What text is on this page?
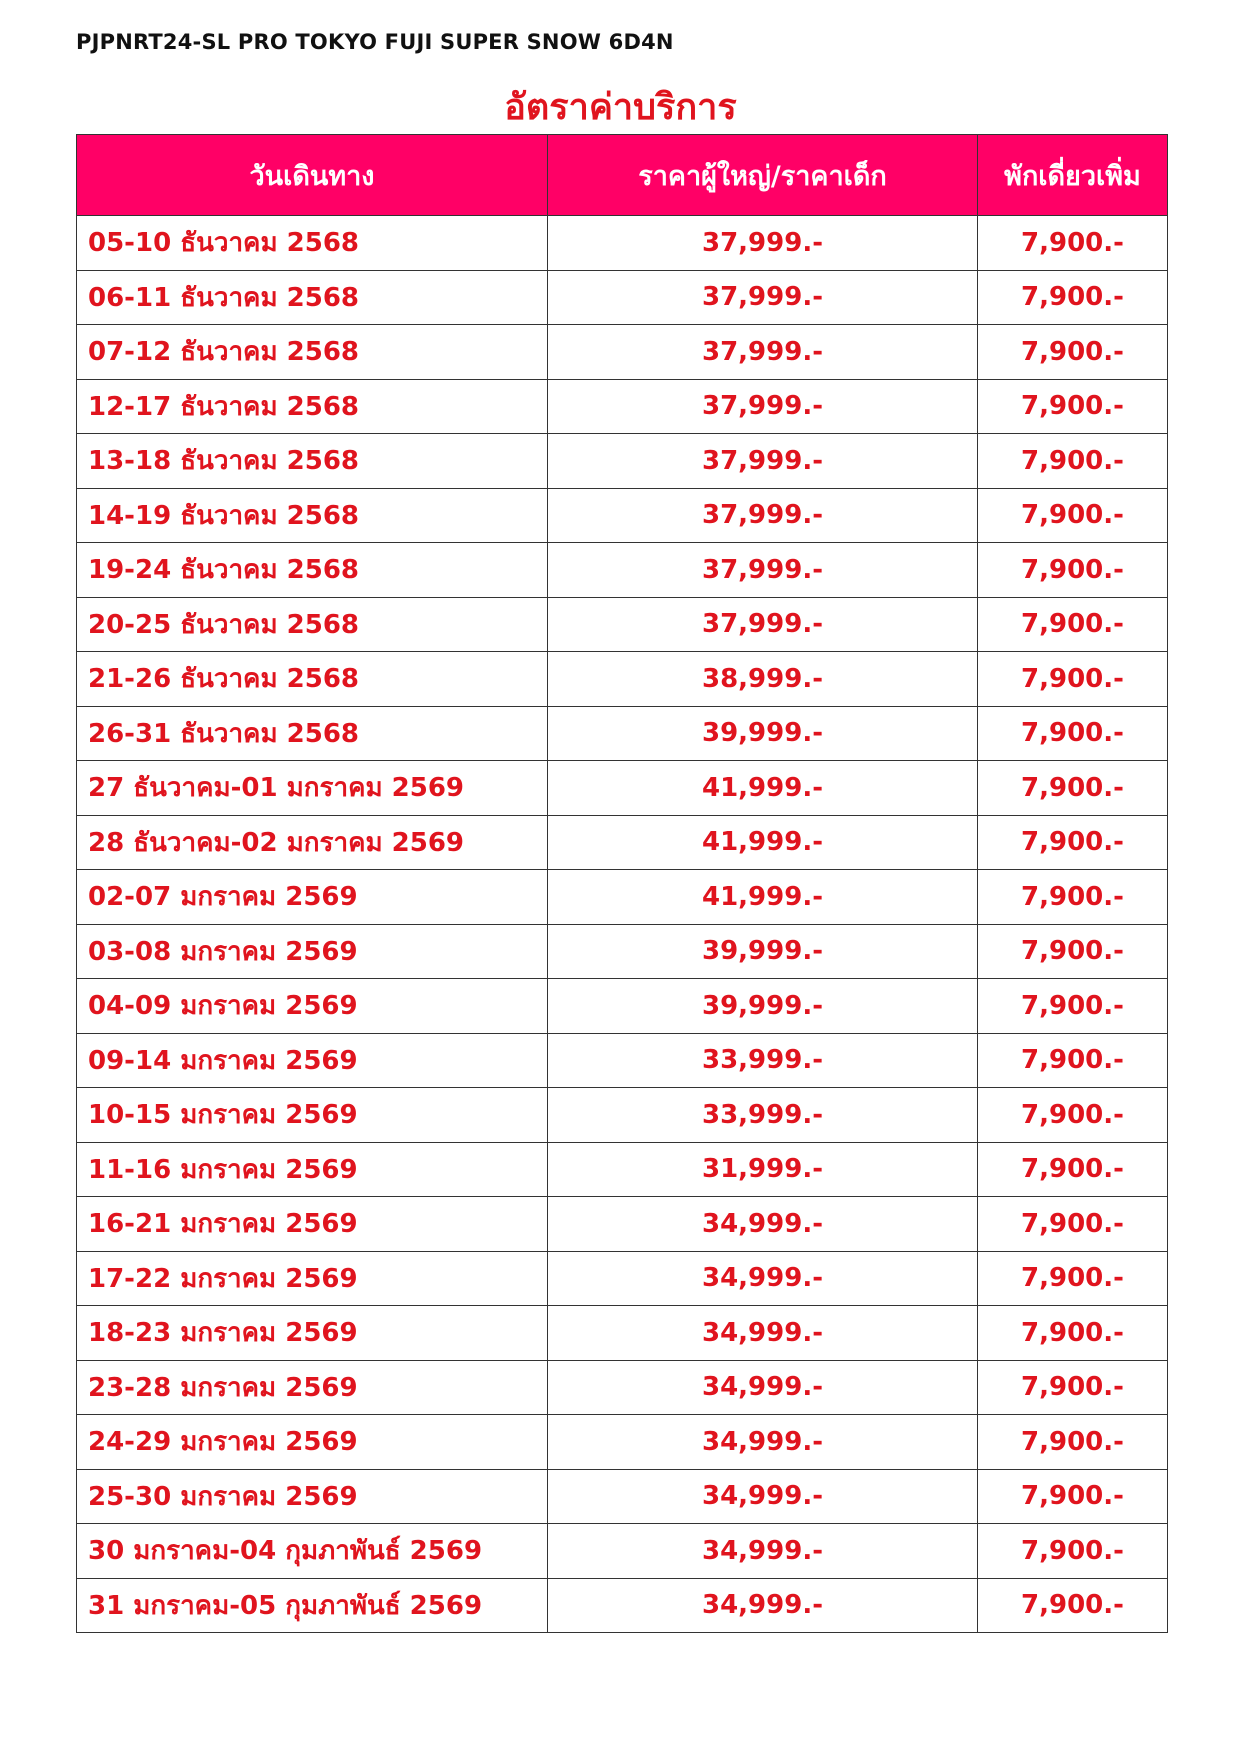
PJPNRT24-SL PRO TOKYO FUJI SUPER SNOW 6D4N
อัตราค่าบริการ
วันเดินทาง	ราคาผู้ใหญ่/ราคาเด็ก	พักเดี่ยวเพิ่ม
05-10 ธันวาคม 2568	37,999.-	7,900.-
06-11 ธันวาคม 2568	37,999.-	7,900.-
07-12 ธันวาคม 2568	37,999.-	7,900.-
12-17 ธันวาคม 2568	37,999.-	7,900.-
13-18 ธันวาคม 2568	37,999.-	7,900.-
14-19 ธันวาคม 2568	37,999.-	7,900.-
19-24 ธันวาคม 2568	37,999.-	7,900.-
20-25 ธันวาคม 2568	37,999.-	7,900.-
21-26 ธันวาคม 2568	38,999.-	7,900.-
26-31 ธันวาคม 2568	39,999.-	7,900.-
27 ธันวาคม-01 มกราคม 2569	41,999.-	7,900.-
28 ธันวาคม-02 มกราคม 2569	41,999.-	7,900.-
02-07 มกราคม 2569	41,999.-	7,900.-
03-08 มกราคม 2569	39,999.-	7,900.-
04-09 มกราคม 2569	39,999.-	7,900.-
09-14 มกราคม 2569	33,999.-	7,900.-
10-15 มกราคม 2569	33,999.-	7,900.-
11-16 มกราคม 2569	31,999.-	7,900.-
16-21 มกราคม 2569	34,999.-	7,900.-
17-22 มกราคม 2569	34,999.-	7,900.-
18-23 มกราคม 2569	34,999.-	7,900.-
23-28 มกราคม 2569	34,999.-	7,900.-
24-29 มกราคม 2569	34,999.-	7,900.-
25-30 มกราคม 2569	34,999.-	7,900.-
30 มกราคม-04 กุมภาพันธ์ 2569	34,999.-	7,900.-
31 มกราคม-05 กุมภาพันธ์ 2569	34,999.-	7,900.-
